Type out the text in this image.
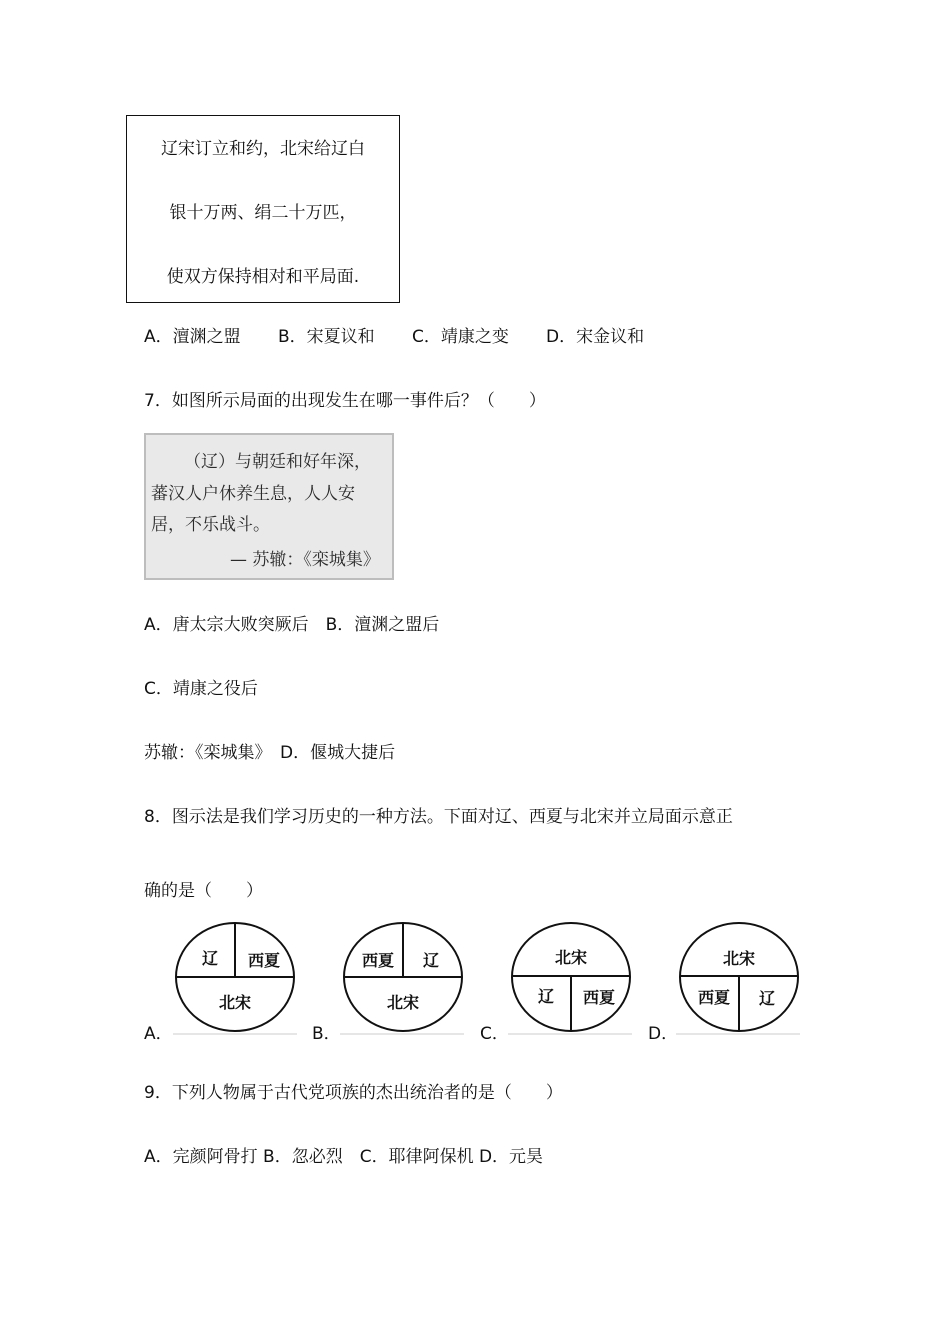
辽宋订立和约，北宋给辽白
银十万两、绢二十万匹，
使双方保持相对和平局面.
A．澶渊之盟 B．宋夏议和 C．靖康之变 D．宋金议和
7．如图所示局面的出现发生在哪一事件后？（　　）
（辽）与朝廷和好年深，
蕃汉人户休养生息，人人安
居，不乐战斗。
— 苏辙：《栾城集》
A．唐太宗大败突厥后　B．澶渊之盟后
C．靖康之役后
苏辙：《栾城集》　D．偃城大捷后
8．图示法是我们学习历史的一种方法。下面对辽、西夏与北宋并立局面示意正
确的是（　　）
A．	B．	C．	D．
辽 西夏
北宋
西夏 辽
北宋
北宋
辽 西夏
北宋
西夏 辽
9．下列人物属于古代党项族的杰出统治者的是（　　）
A．完颜阿骨打 B．忽必烈　C．耶律阿保机 D．元昊
